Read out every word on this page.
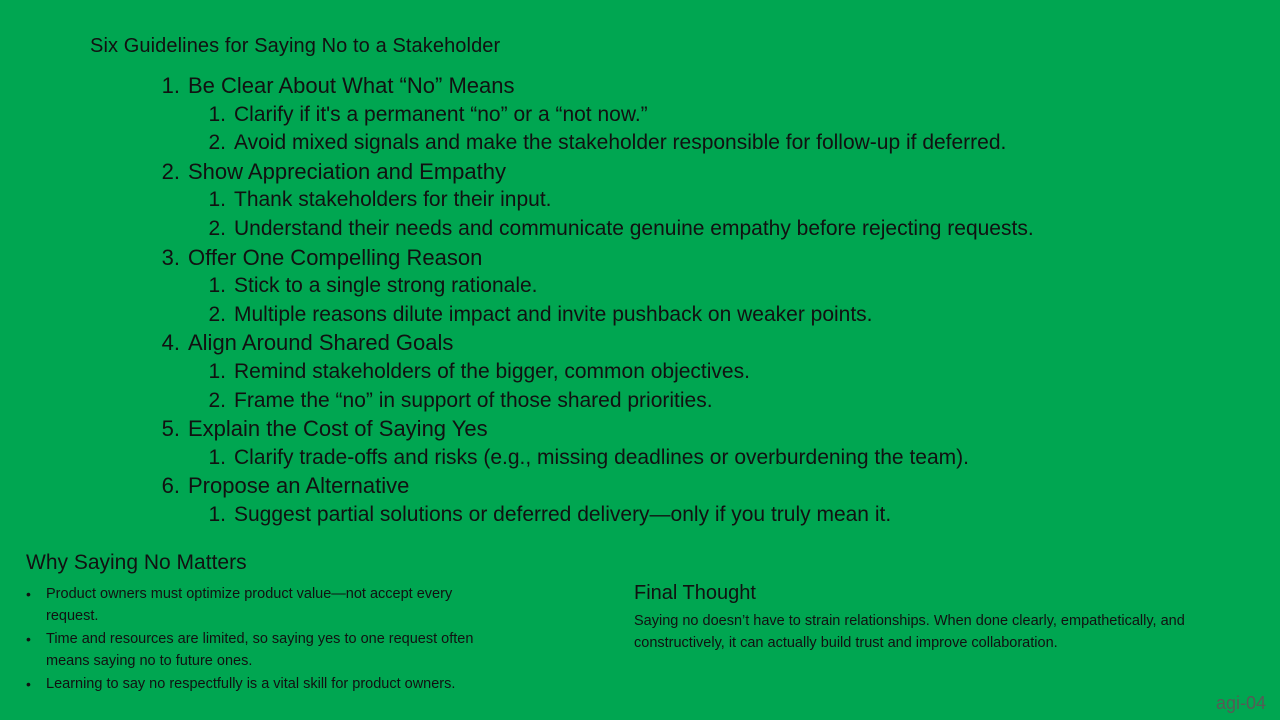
Six Guidelines for Saying No to a Stakeholder
1. Be Clear About What “No” Means
1. Clarify if it's a permanent “no” or a “not now.”
2. Avoid mixed signals and make the stakeholder responsible for follow-up if deferred.
2. Show Appreciation and Empathy
1. Thank stakeholders for their input.
2. Understand their needs and communicate genuine empathy before rejecting requests.
3. Offer One Compelling Reason
1. Stick to a single strong rationale.
2. Multiple reasons dilute impact and invite pushback on weaker points.
4. Align Around Shared Goals
1. Remind stakeholders of the bigger, common objectives.
2. Frame the “no” in support of those shared priorities.
5. Explain the Cost of Saying Yes
1. Clarify trade-offs and risks (e.g., missing deadlines or overburdening the team).
6. Propose an Alternative
1. Suggest partial solutions or deferred delivery—only if you truly mean it.
Why Saying No Matters
•	Product owners must optimize product value—not accept every request.
•	Time and resources are limited, so saying yes to one request often means saying no to future ones.
•	Learning to say no respectfully is a vital skill for product owners.
Final Thought
Saying no doesn’t have to strain relationships. When done clearly, empathetically, and constructively, it can actually build trust and improve collaboration.
agi-04
